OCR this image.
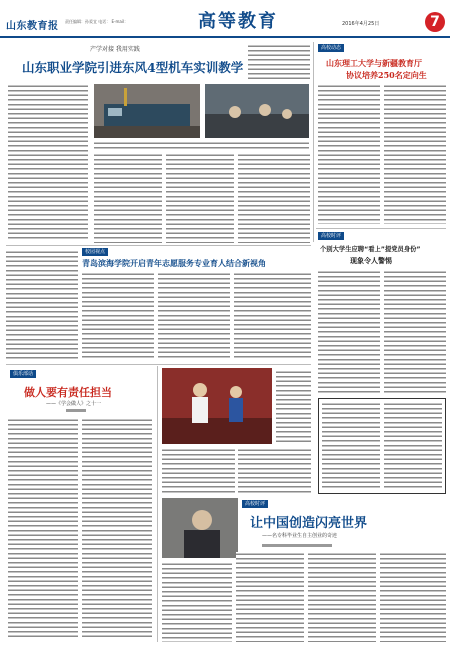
山东教育报 责任编辑：孙爱宜 电话： E-mail：	高等教育	2016年4月25日	7
产学对接 我用实践
山东职业学院引进东风4型机车实训教学
校园视点
青岛滨海学院开启青年志愿服务专业育人结合新视角
俱乐部话
做人要有责任担当
——《学会做人》之十一
高校时评
让中国创造闪亮世界
——名专科毕业生自主创业的奇迹
高校动态
山东理工大学与新疆教育厅
协议培养250名定向生
高校时评
个别大学生应聘“看上”提党员身份”
现象令人警惕
